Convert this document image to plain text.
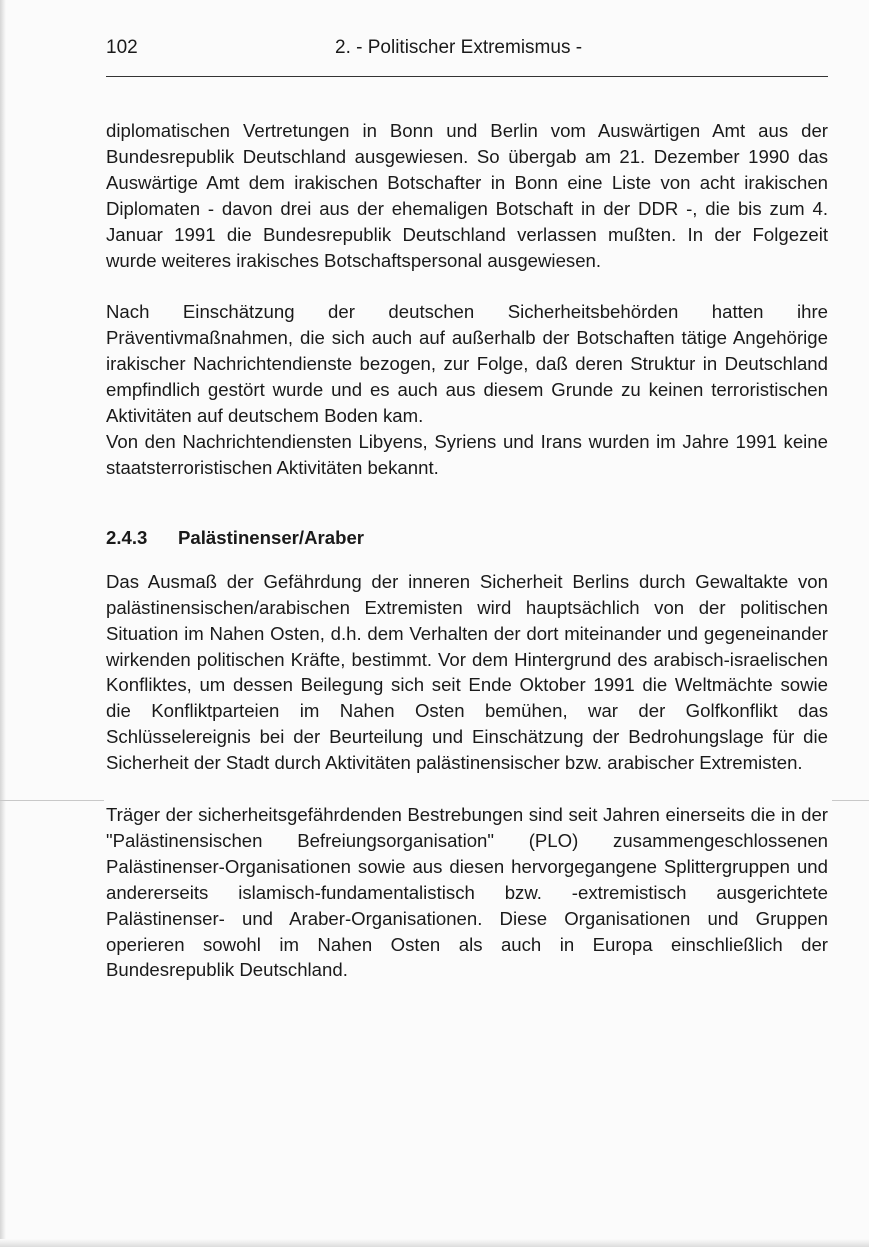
102	2. - Politischer Extremismus -

diplomatischen Vertretungen in Bonn und Berlin vom Auswärtigen Amt aus der Bundesrepublik Deutschland ausgewiesen. So übergab am 21. Dezember 1990 das Auswärtige Amt dem irakischen Botschafter in Bonn eine Liste von acht irakischen Diplomaten - davon drei aus der ehemaligen Botschaft in der DDR -, die bis zum 4. Januar 1991 die Bundesrepublik Deutschland verlassen mußten. In der Folgezeit wurde weiteres irakisches Botschaftspersonal ausgewiesen.

Nach Einschätzung der deutschen Sicherheitsbehörden hatten ihre Präventivmaßnahmen, die sich auch auf außerhalb der Botschaften tätige Angehörige irakischer Nachrichtendienste bezogen, zur Folge, daß deren Struktur in Deutschland empfindlich gestört wurde und es auch aus diesem Grunde zu keinen terroristischen Aktivitäten auf deutschem Boden kam.

Von den Nachrichtendiensten Libyens, Syriens und Irans wurden im Jahre 1991 keine staatsterroristischen Aktivitäten bekannt.

2.4.3	Palästinenser/Araber

Das Ausmaß der Gefährdung der inneren Sicherheit Berlins durch Gewaltakte von palästinensischen/arabischen Extremisten wird hauptsächlich von der politischen Situation im Nahen Osten, d.h. dem Verhalten der dort miteinander und gegeneinander wirkenden politischen Kräfte, bestimmt. Vor dem Hintergrund des arabisch-israelischen Konfliktes, um dessen Beilegung sich seit Ende Oktober 1991 die Weltmächte sowie die Konfliktparteien im Nahen Osten bemühen, war der Golfkonflikt das Schlüsselereignis bei der Beurteilung und Einschätzung der Bedrohungslage für die Sicherheit der Stadt durch Aktivitäten palästinensischer bzw. arabischer Extremisten.

Träger der sicherheitsgefährdenden Bestrebungen sind seit Jahren einerseits die in der "Palästinensischen Befreiungsorganisation" (PLO) zusammengeschlossenen Palästinenser-Organisationen sowie aus diesen hervorgegangene Splittergruppen und andererseits islamisch-fundamentalistisch bzw. -extremistisch ausgerichtete Palästinenser- und Araber-Organisationen. Diese Organisationen und Gruppen operieren sowohl im Nahen Osten als auch in Europa einschließlich der Bundesrepublik Deutschland.
